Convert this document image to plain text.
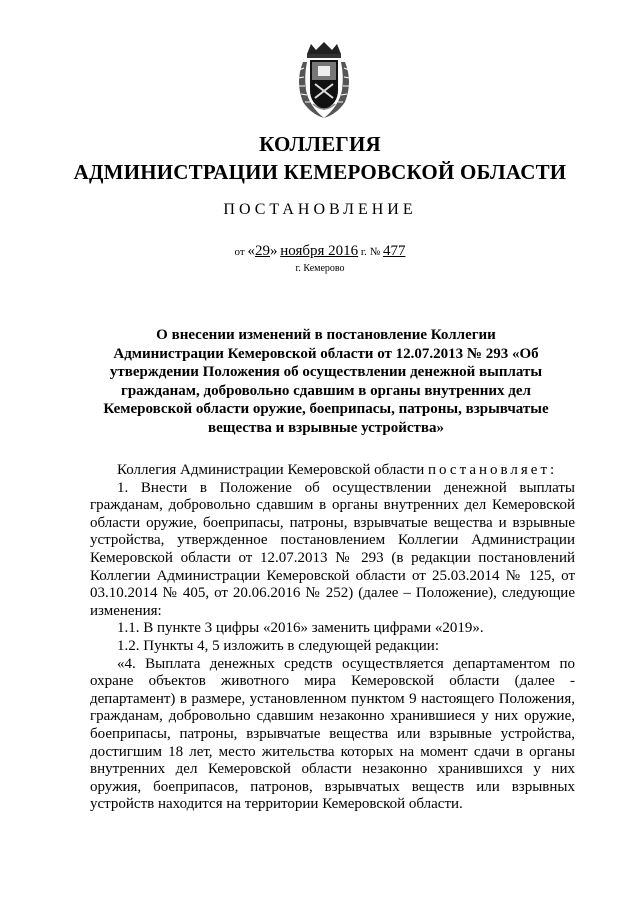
КОЛЛЕГИЯ
АДМИНИСТРАЦИИ КЕМЕРОВСКОЙ ОБЛАСТИ
ПОСТАНОВЛЕНИЕ
от «29» ноября 2016 г. № 477
г. Кемерово
О внесении изменений в постановление Коллегии Администрации Кемеровской области от 12.07.2013 № 293 «Об утверждении Положения об осуществлении денежной выплаты гражданам, добровольно сдавшим в органы внутренних дел Кемеровской области оружие, боеприпасы, патроны, взрывчатые вещества и взрывные устройства»

Коллегия Администрации Кемеровской области постановляет:

1. Внести в Положение об осуществлении денежной выплаты гражданам, добровольно сдавшим в органы внутренних дел Кемеровской области оружие, боеприпасы, патроны, взрывчатые вещества и взрывные устройства, утвержденное постановлением Коллегии Администрации Кемеровской области от 12.07.2013 № 293 (в редакции постановлений Коллегии Администрации Кемеровской области от 25.03.2014 № 125, от 03.10.2014 № 405, от 20.06.2016 № 252) (далее – Положение), следующие изменения:

1.1. В пункте 3 цифры «2016» заменить цифрами «2019».

1.2. Пункты 4, 5 изложить в следующей редакции:

«4. Выплата денежных средств осуществляется департаментом по охране объектов животного мира Кемеровской области (далее - департамент) в размере, установленном пунктом 9 настоящего Положения, гражданам, добровольно сдавшим незаконно хранившиеся у них оружие, боеприпасы, патроны, взрывчатые вещества или взрывные устройства, достигшим 18 лет, место жительства которых на момент сдачи в органы внутренних дел Кемеровской области незаконно хранившихся у них оружия, боеприпасов, патронов, взрывчатых веществ или взрывных устройств находится на территории Кемеровской области.
